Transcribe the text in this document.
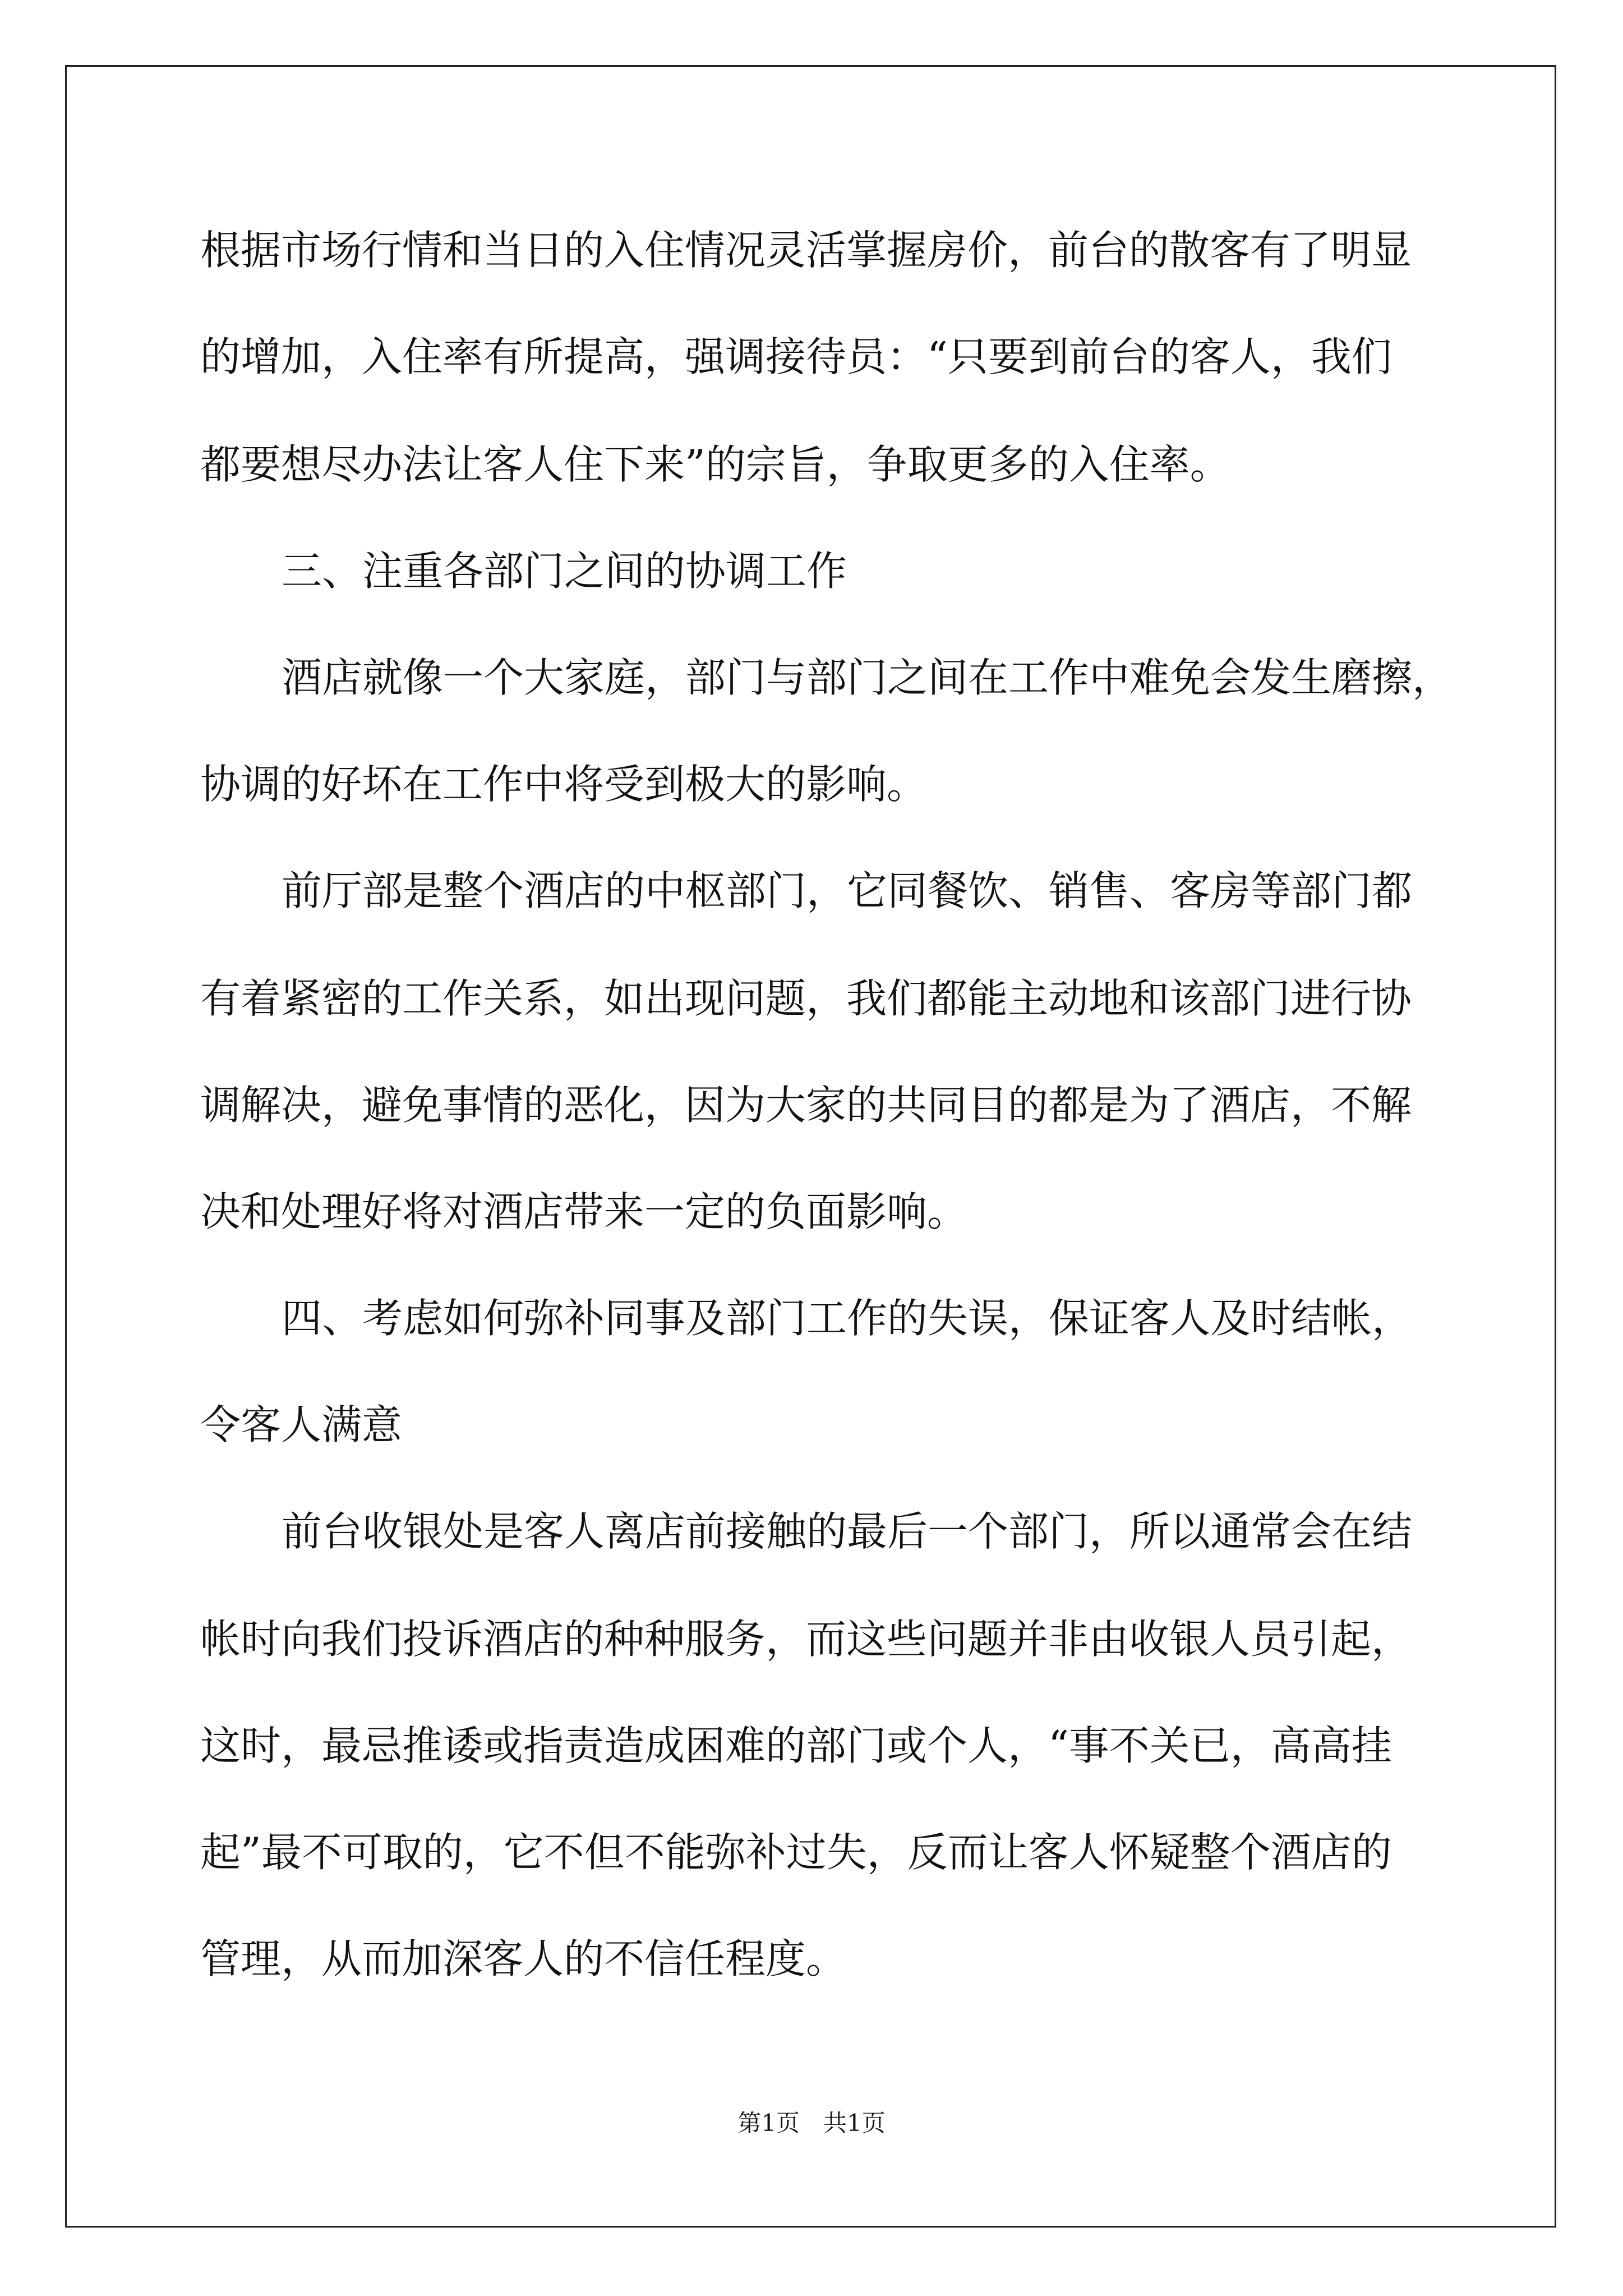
根据市场行情和当日的入住情况灵活掌握房价，前台的散客有了明显
的增加，入住率有所提高，强调接待员：“只要到前台的客人，我们
都要想尽办法让客人住下来”的宗旨，争取更多的入住率。
三、注重各部门之间的协调工作
酒店就像一个大家庭，部门与部门之间在工作中难免会发生磨擦，
协调的好坏在工作中将受到极大的影响。
前厅部是整个酒店的中枢部门，它同餐饮、销售、客房等部门都
有着紧密的工作关系，如出现问题，我们都能主动地和该部门进行协
调解决，避免事情的恶化，因为大家的共同目的都是为了酒店，不解
决和处理好将对酒店带来一定的负面影响。
四、考虑如何弥补同事及部门工作的失误，保证客人及时结帐，
令客人满意
前台收银处是客人离店前接触的最后一个部门，所以通常会在结
帐时向我们投诉酒店的种种服务，而这些问题并非由收银人员引起，
这时，最忌推诿或指责造成困难的部门或个人，“事不关已，高高挂
起”最不可取的，它不但不能弥补过失，反而让客人怀疑整个酒店的
管理，从而加深客人的不信任程度。
第1页　共1页
